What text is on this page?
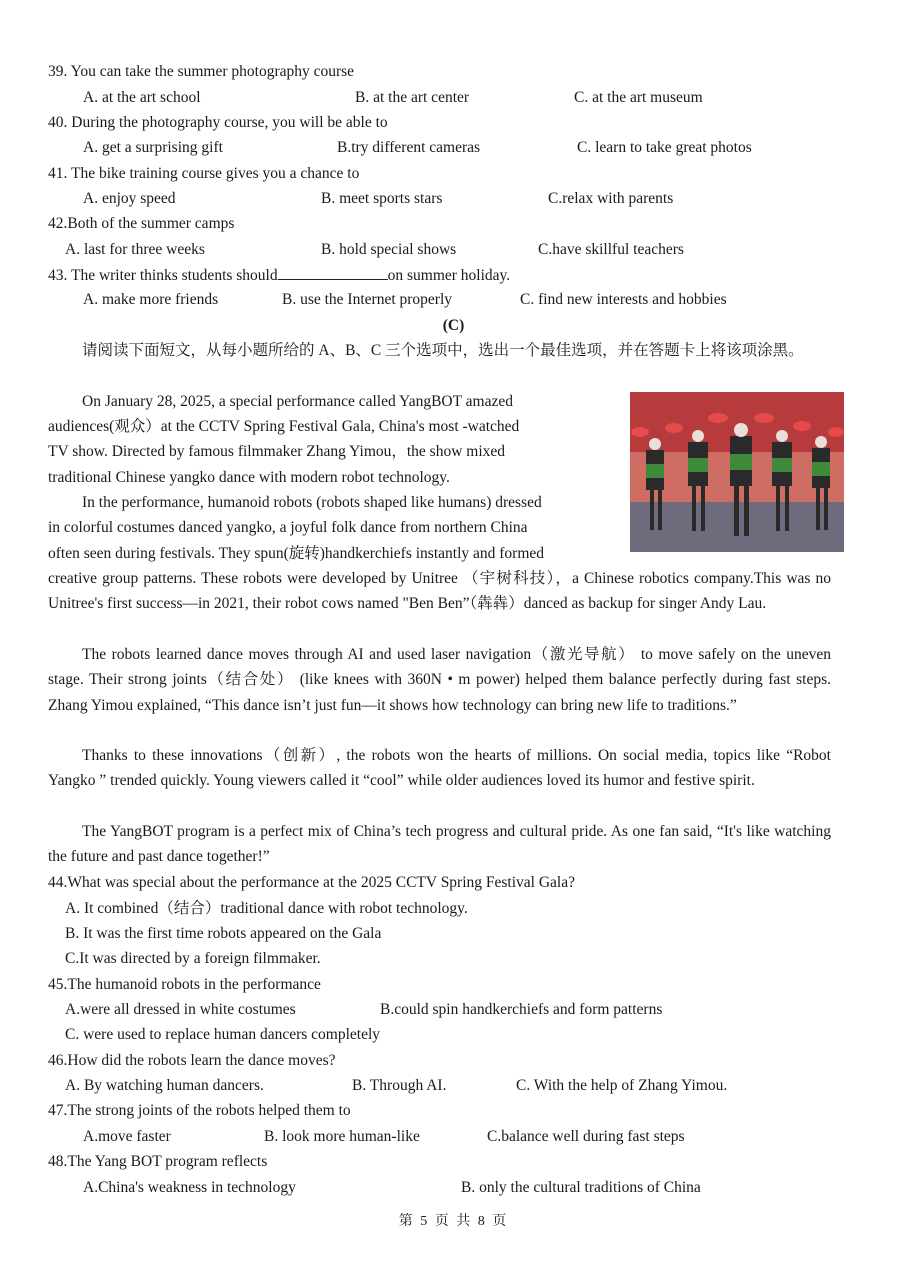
39. You can take the summer photography course
A. at the art school	B. at the art center	C. at the art museum
40. During the photography course, you will be able to
A. get a surprising gift	B.try different cameras	C. learn to take great photos
41. The bike training course gives you a chance to
A. enjoy speed	B. meet sports stars	C.relax with parents
42.Both of the summer camps
A. last for three weeks	B. hold special shows	C.have skillful teachers
43. The writer thinks students should	on summer holiday.
A. make more friends	B. use the Internet properly	C. find new interests and hobbies
(C)
请阅读下面短文，从每小题所给的 A、B、C 三个选项中，选出一个最佳选项，并在答题卡上将该项涂黑。
On January 28, 2025, a special performance called YangBOT amazed
audiences(观众）at the CCTV Spring Festival Gala, China's most -watched
TV show. Directed by famous filmmaker Zhang Yimou，the show mixed
traditional Chinese yangko dance with modern robot technology.
In the performance, humanoid robots (robots shaped like humans) dressed
in colorful costumes danced yangko, a joyful folk dance from northern China
often seen during festivals. They spun(旋转)handkerchiefs instantly and formed
creative group patterns. These robots were developed by Unitree （宇树科技），a Chinese robotics company.This was no Unitree's first success—in 2021, their robot cows named "Ben Ben”（犇犇）danced as backup for singer Andy Lau.
The robots learned dance moves through AI and used laser navigation（激光导航） to move safely on the uneven stage. Their strong joints（结合处） (like knees with 360N • m power) helped them balance perfectly during fast steps. Zhang Yimou explained, “This dance isn’t just fun—it shows how technology can bring new life to traditions.”
Thanks to these innovations（创新）, the robots won the hearts of millions. On social media, topics like “Robot Yangko ” trended quickly. Young viewers called it “cool” while older audiences loved its humor and festive spirit.
The YangBOT program is a perfect mix of China’s tech progress and cultural pride. As one fan said, “It's like watching the future and past dance together!”
44.What was special about the performance at the 2025 CCTV Spring Festival Gala?
A. It combined（结合）traditional dance with robot technology.
B. It was the first time robots appeared on the Gala
C.It was directed by a foreign filmmaker.
45.The humanoid robots in the performance
A.were all dressed in white costumes	B.could spin handkerchiefs and form patterns
C. were used to replace human dancers completely
46.How did the robots learn the dance moves?
A. By watching human dancers.	B. Through AI.	C. With the help of Zhang Yimou.
47.The strong joints of the robots helped them to
A.move faster	B. look more human-like	C.balance well during fast steps
48.The Yang BOT program reflects
A.China's weakness in technology	B. only the cultural traditions of China
第 5 页 共 8 页
